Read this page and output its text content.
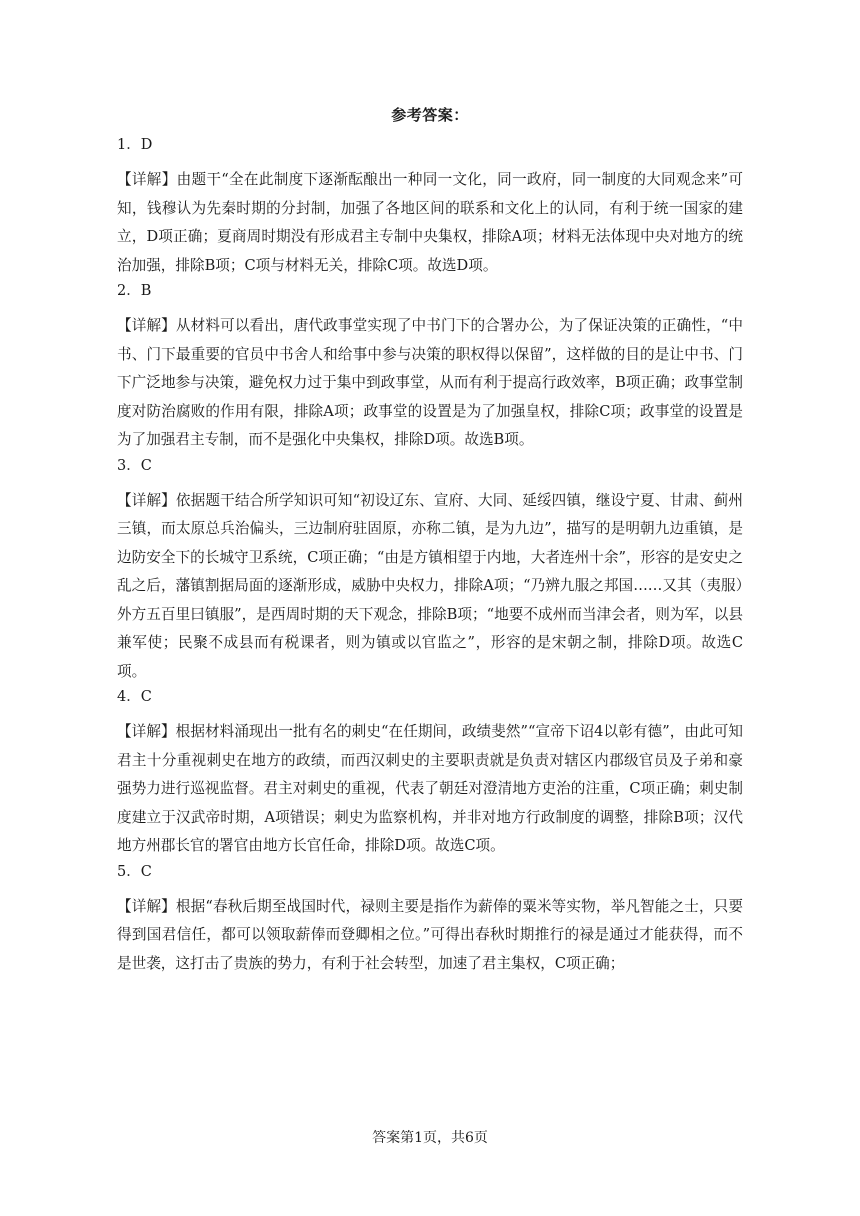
参考答案：
1．D
【详解】由题干“全在此制度下逐渐酝酿出一种同一文化，同一政府，同一制度的大同观念来”可知，钱穆认为先秦时期的分封制，加强了各地区间的联系和文化上的认同，有利于统一国家的建立，D项正确；夏商周时期没有形成君主专制中央集权，排除A项；材料无法体现中央对地方的统治加强，排除B项；C项与材料无关，排除C项。故选D项。
2．B
【详解】从材料可以看出，唐代政事堂实现了中书门下的合署办公，为了保证决策的正确性，“中书、门下最重要的官员中书舍人和给事中参与决策的职权得以保留”，这样做的目的是让中书、门下广泛地参与决策，避免权力过于集中到政事堂，从而有利于提高行政效率，B项正确；政事堂制度对防治腐败的作用有限，排除A项；政事堂的设置是为了加强皇权，排除C项；政事堂的设置是为了加强君主专制，而不是强化中央集权，排除D项。故选B项。
3．C
【详解】依据题干结合所学知识可知“初设辽东、宣府、大同、延绥四镇，继设宁夏、甘肃、蓟州三镇，而太原总兵治偏头，三边制府驻固原，亦称二镇，是为九边”，描写的是明朝九边重镇，是边防安全下的长城守卫系统，C项正确；“由是方镇相望于内地，大者连州十余”，形容的是安史之乱之后，藩镇割据局面的逐渐形成，威胁中央权力，排除A项；“乃辨九服之邦国……又其（夷服）外方五百里曰镇服”，是西周时期的天下观念，排除B项；“地要不成州而当津会者，则为军，以县兼军使；民聚不成县而有税课者，则为镇或以官监之”，形容的是宋朝之制，排除D项。故选C项。
4．C
【详解】根据材料涌现出一批有名的刺史“在任期间，政绩斐然”“宣帝下诏4以彰有德”，由此可知君主十分重视刺史在地方的政绩，而西汉刺史的主要职责就是负责对辖区内郡级官员及子弟和豪强势力进行巡视监督。君主对刺史的重视，代表了朝廷对澄清地方吏治的注重，C项正确；刺史制度建立于汉武帝时期，A项错误；刺史为监察机构，并非对地方行政制度的调整，排除B项；汉代地方州郡长官的署官由地方长官任命，排除D项。故选C项。
5．C
【详解】根据“春秋后期至战国时代，禄则主要是指作为薪俸的粟米等实物，举凡智能之士，只要得到国君信任，都可以领取薪俸而登卿相之位。”可得出春秋时期推行的禄是通过才能获得，而不是世袭，这打击了贵族的势力，有利于社会转型，加速了君主集权，C项正确；
答案第1页，共6页
